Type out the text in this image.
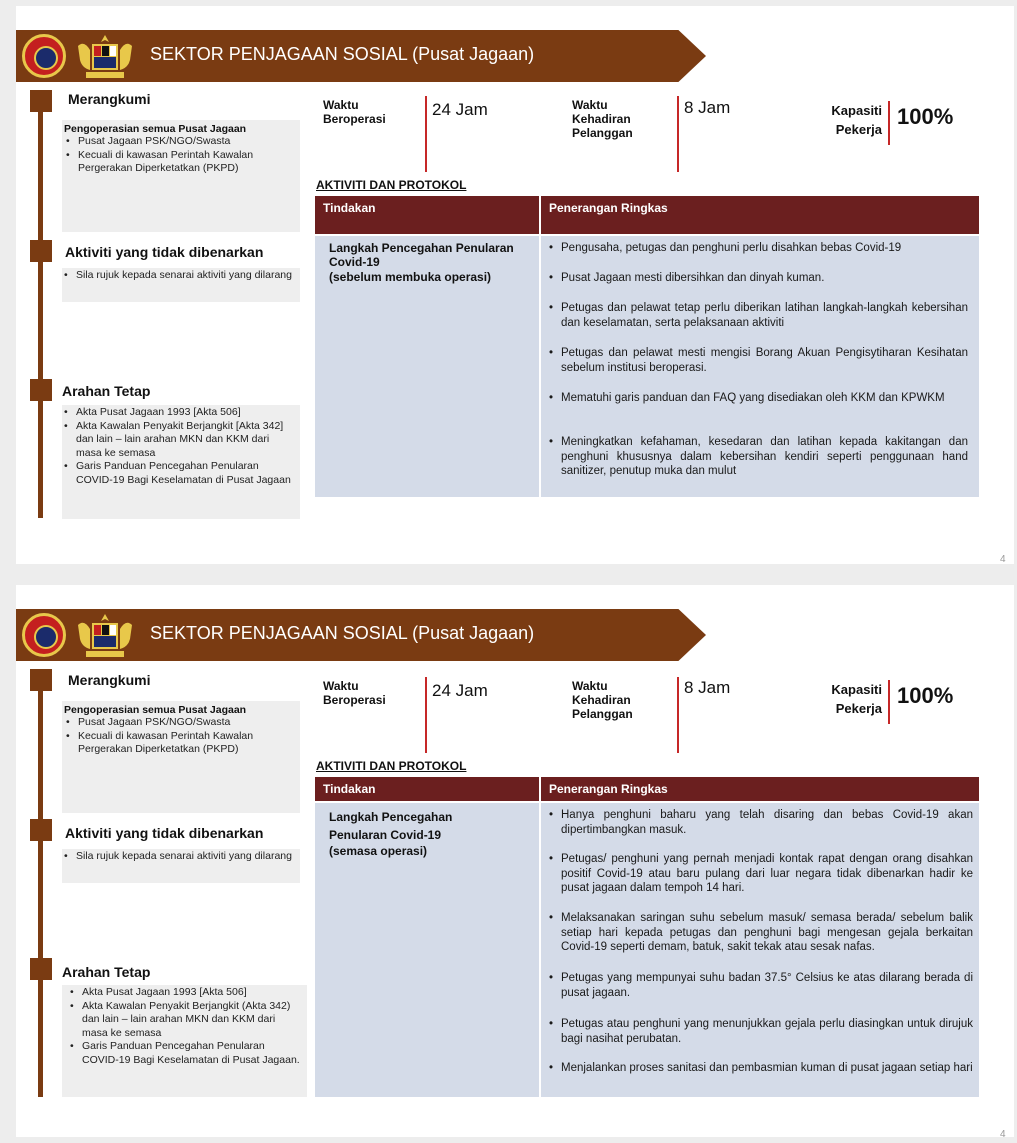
SEKTOR PENJAGAAN SOSIAL (Pusat Jagaan)
Merangkumi
Pengoperasian semua Pusat Jagaan
• Pusat Jagaan PSK/NGO/Swasta
• Kecuali di kawasan Perintah Kawalan Pergerakan Diperketatkan (PKPD)
Aktiviti yang tidak dibenarkan
• Sila rujuk kepada senarai aktiviti yang dilarang
Arahan Tetap
• Akta Pusat Jagaan 1993 [Akta 506]
• Akta Kawalan Penyakit Berjangkit [Akta 342] dan lain – lain arahan MKN dan KKM dari masa ke semasa
• Garis Panduan Pencegahan Penularan COVID-19 Bagi Keselamatan di Pusat Jagaan
Waktu Beroperasi	24 Jam	Waktu Kehadiran Pelanggan
8 Jam	Kapasiti Pekerja
100%
AKTIVITI DAN PROTOKOL
Tindakan	Penerangan Ringkas
Langkah Pencegahan Penularan Covid-19
(sebelum membuka operasi)
• Pengusaha, petugas dan penghuni perlu disahkan bebas Covid-19
• Pusat Jagaan mesti dibersihkan dan dinyah kuman.
• Petugas dan pelawat tetap perlu diberikan latihan langkah-langkah kebersihan dan keselamatan, serta pelaksanaan aktiviti
• Petugas dan pelawat mesti mengisi Borang Akuan Pengisytiharan Kesihatan sebelum institusi beroperasi.
• Mematuhi garis panduan dan FAQ yang disediakan oleh KKM dan KPWKM
• Meningkatkan kefahaman, kesedaran dan latihan kepada kakitangan dan penghuni khususnya dalam kebersihan kendiri seperti penggunaan hand sanitizer, penutup muka dan mulut
4
SEKTOR PENJAGAAN SOSIAL (Pusat Jagaan)
Merangkumi
Pengoperasian semua Pusat Jagaan
• Pusat Jagaan PSK/NGO/Swasta
• Kecuali di kawasan Perintah Kawalan Pergerakan Diperketatkan (PKPD)
Aktiviti yang tidak dibenarkan
• Sila rujuk kepada senarai aktiviti yang dilarang
Arahan Tetap
• Akta Pusat Jagaan 1993 [Akta 506]
• Akta Kawalan Penyakit Berjangkit (Akta 342) dan lain – lain arahan MKN dan KKM dari masa ke semasa
• Garis Panduan Pencegahan Penularan COVID-19 Bagi Keselamatan di Pusat Jagaan.
Waktu Beroperasi	24 Jam	Waktu Kehadiran Pelanggan
8 Jam	Kapasiti Pekerja
100%
AKTIVITI DAN PROTOKOL
Tindakan	Penerangan Ringkas
Langkah Pencegahan Penularan Covid-19
(semasa operasi)
• Hanya penghuni baharu yang telah disaring dan bebas Covid-19 akan dipertimbangkan masuk.
• Petugas/ penghuni yang pernah menjadi kontak rapat dengan orang disahkan positif Covid-19 atau baru pulang dari luar negara tidak dibenarkan hadir ke pusat jagaan dalam tempoh 14 hari.
• Melaksanakan saringan suhu sebelum masuk/ semasa berada/ sebelum balik setiap hari kepada petugas dan penghuni bagi mengesan gejala berkaitan Covid-19 seperti demam, batuk, sakit tekak atau sesak nafas.
• Petugas yang mempunyai suhu badan 37.5° Celsius ke atas dilarang berada di pusat jagaan.
• Petugas atau penghuni yang menunjukkan gejala perlu diasingkan untuk dirujuk bagi nasihat perubatan.
• Menjalankan proses sanitasi dan pembasmian kuman di pusat jagaan setiap hari
4
